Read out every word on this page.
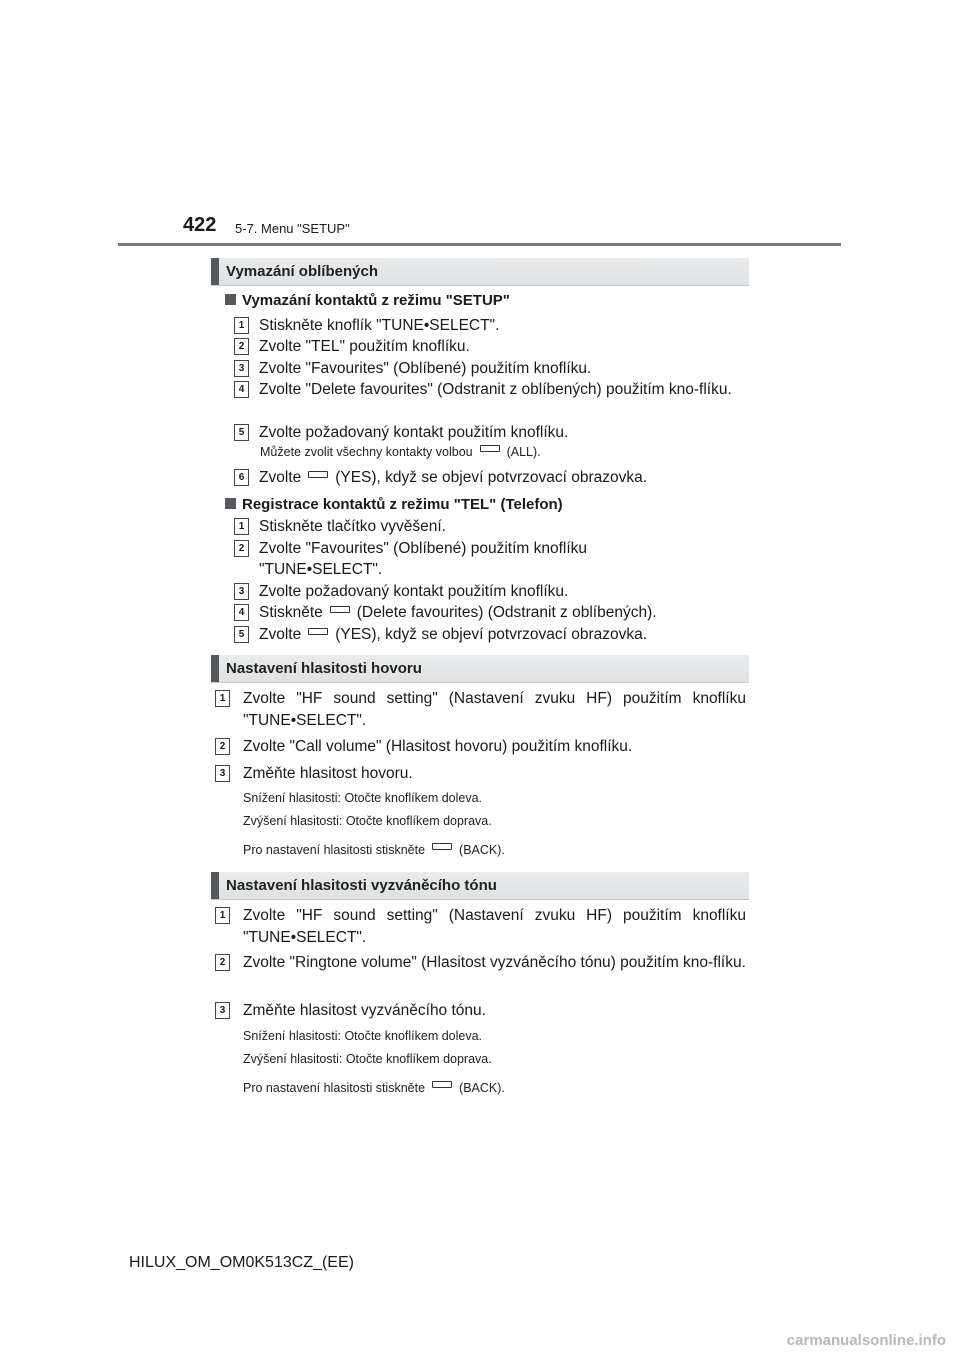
422 5-7. Menu "SETUP"
Vymazání oblíbených
Vymazání kontaktů z režimu "SETUP"
1 Stiskněte knoflík "TUNE•SELECT".
2 Zvolte "TEL" použitím knoflíku.
3 Zvolte "Favourites" (Oblíbené) použitím knoflíku.
4 Zvolte "Delete favourites" (Odstranit z oblíbených) použitím kno-flíku.
5 Zvolte požadovaný kontakt použitím knoflíku.
Můžete zvolit všechny kontakty volbou	(ALL).
6 Zvolte (YES), když se objeví potvrzovací obrazovka.
Registrace kontaktů z režimu "TEL" (Telefon)
1 Stiskněte tlačítko vyvěšení.
2 Zvolte "Favourites" (Oblíbené) použitím knoflíku "TUNE•SELECT".
3 Zvolte požadovaný kontakt použitím knoflíku.
4 Stiskněte (Delete favourites) (Odstranit z oblíbených).
5 Zvolte (YES), když se objeví potvrzovací obrazovka.
Nastavení hlasitosti hovoru
1	Zvolte "HF sound setting" (Nastavení zvuku HF) použitím knoflíku "TUNE•SELECT".
2	Zvolte "Call volume" (Hlasitost hovoru) použitím knoflíku.
3	Změňte hlasitost hovoru.
Snížení hlasitosti: Otočte knoflíkem doleva.
Zvýšení hlasitosti: Otočte knoflíkem doprava.
Pro nastavení hlasitosti stiskněte	(BACK).
Nastavení hlasitosti vyzváněcího tónu
1	Zvolte "HF sound setting" (Nastavení zvuku HF) použitím knoflíku "TUNE•SELECT".
2	Zvolte "Ringtone volume" (Hlasitost vyzváněcího tónu) použitím kno-flíku.
3	Změňte hlasitost vyzváněcího tónu.
Snížení hlasitosti: Otočte knoflíkem doleva.
Zvýšení hlasitosti: Otočte knoflíkem doprava.
Pro nastavení hlasitosti stiskněte	(BACK).
HILUX_OM_OM0K513CZ_(EE)
carmanualsonline.info
